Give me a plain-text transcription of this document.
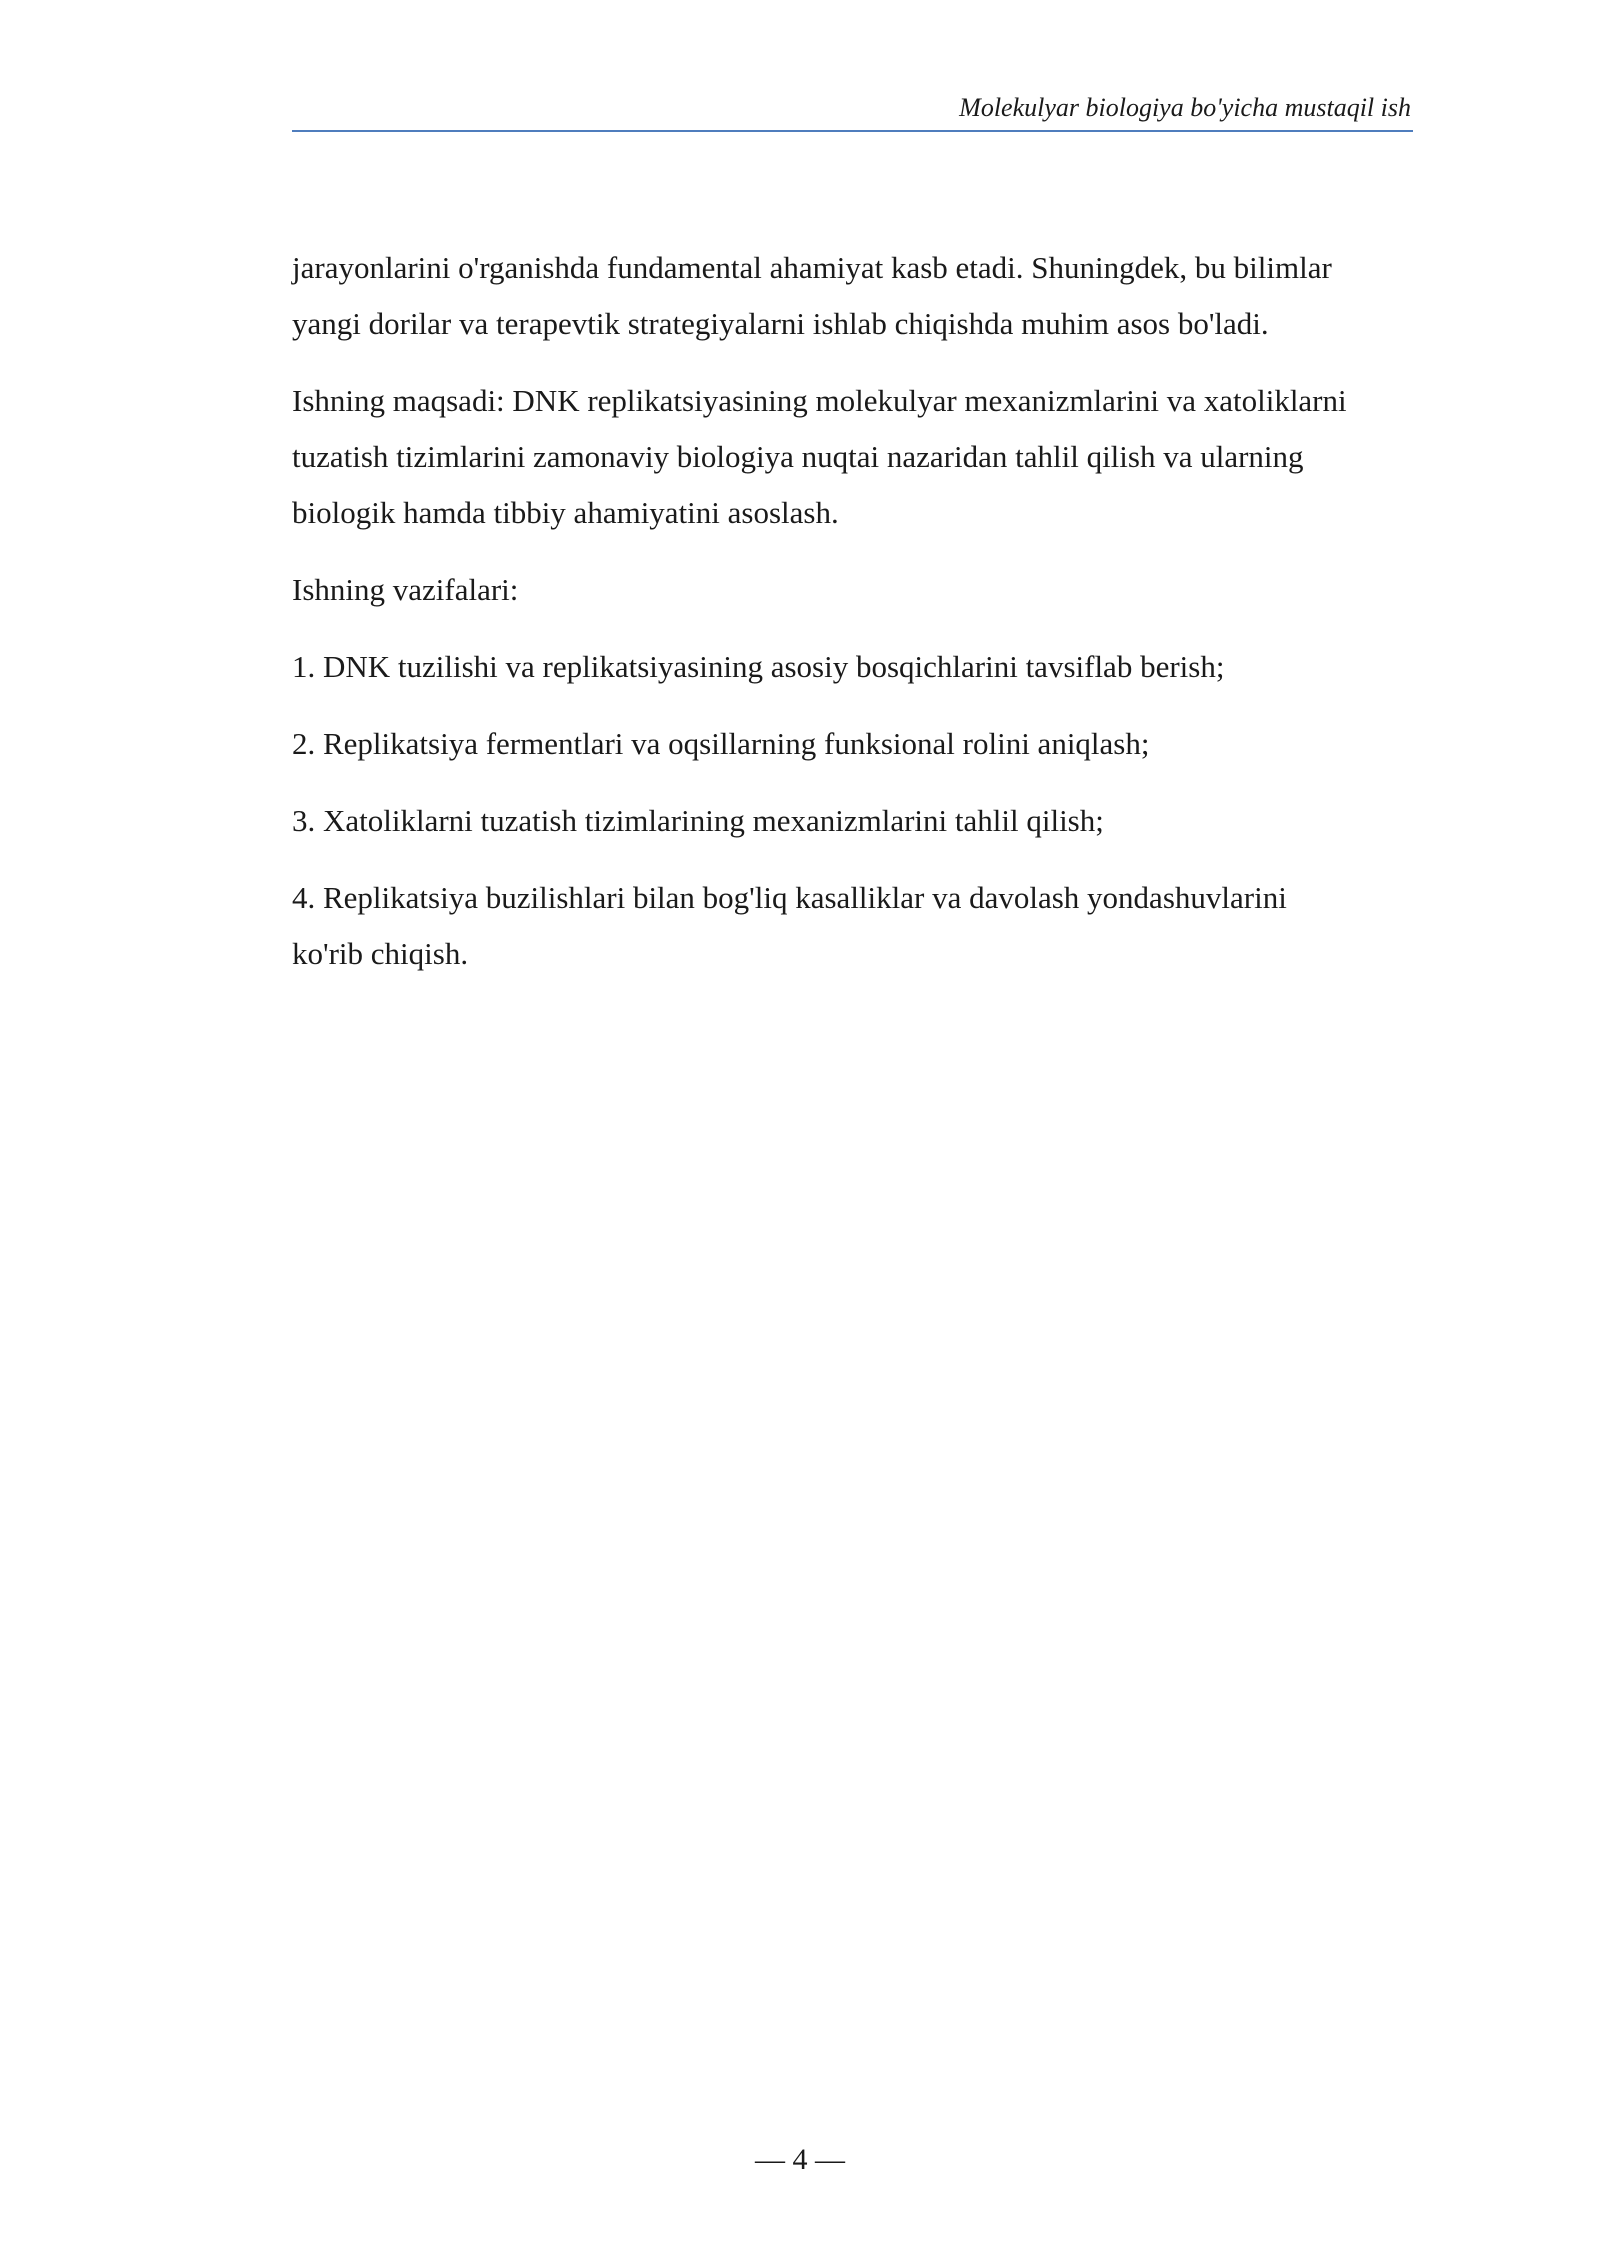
Molekulyar biologiya bo'yicha mustaqil ish

jarayonlarini o'rganishda fundamental ahamiyat kasb etadi. Shuningdek, bu bilimlar
yangi dorilar va terapevtik strategiyalarni ishlab chiqishda muhim asos bo'ladi.

Ishning maqsadi: DNK replikatsiyasining molekulyar mexanizmlarini va xatoliklarni
tuzatish tizimlarini zamonaviy biologiya nuqtai nazaridan tahlil qilish va ularning
biologik hamda tibbiy ahamiyatini asoslash.

Ishning vazifalari:

1. DNK tuzilishi va replikatsiyasining asosiy bosqichlarini tavsiflab berish;

2. Replikatsiya fermentlari va oqsillarning funksional rolini aniqlash;

3. Xatoliklarni tuzatish tizimlarining mexanizmlarini tahlil qilish;

4. Replikatsiya buzilishlari bilan bog'liq kasalliklar va davolash yondashuvlarini
ko'rib chiqish.

— 4 —
